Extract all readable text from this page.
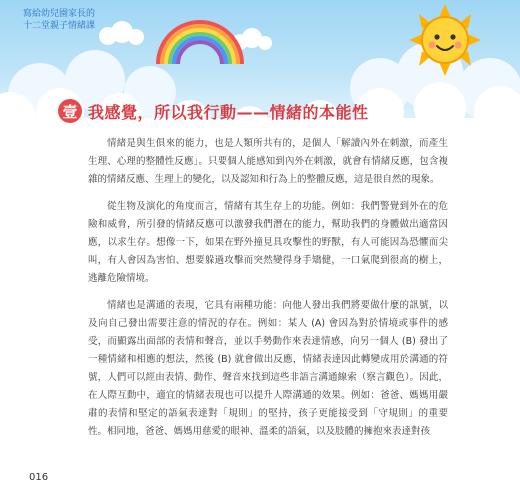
寫給幼兒園家長的
十二堂親子情緒課
壹 我感覺，所以我行動——情緒的本能性

情緒是與生俱來的能力，也是人類所共有的，是個人「解讀內外在刺激，而產生生理、心理的整體性反應」。只要個人能感知到內外在刺激，就會有情緒反應，包含複雜的情緒反應、生理上的變化，以及認知和行為上的整體反應，這是很自然的現象。

從生物及演化的角度而言，情緒有其生存上的功能。例如：我們警覺到外在的危險和威脅，所引發的情緒反應可以激發我們潛在的能力，幫助我們的身體做出適當因應，以求生存。想像一下，如果在野外撞見具攻擊性的野獸，有人可能因為恐懼而尖叫，有人會因為害怕、想要躲過攻擊而突然變得身手矯健，一口氣爬到很高的樹上，逃離危險情境。

情緒也是溝通的表現，它具有兩種功能：向他人發出我們將要做什麼的訊號，以及向自己發出需要注意的情況的存在。例如：某人 (A) 會因為對於情境或事件的感受，而顯露出面部的表情和聲音，並以手勢動作來表達情感，向另一個人 (B) 發出了一種情緒和相應的想法，然後 (B) 就會做出反應，情緒表達因此轉變成用於溝通的符號，人們可以經由表情、動作、聲音來找到這些非語言溝通線索（察言觀色）。因此，在人際互動中，適宜的情緒表現也可以提升人際溝通的效果。例如：爸爸、媽媽用嚴肅的表情和堅定的語氣表達對「規則」的堅持，孩子更能接受到「守規則」的重要性。相同地，爸爸、媽媽用慈愛的眼神、溫柔的語氣，以及肢體的擁抱來表達對孩

016
